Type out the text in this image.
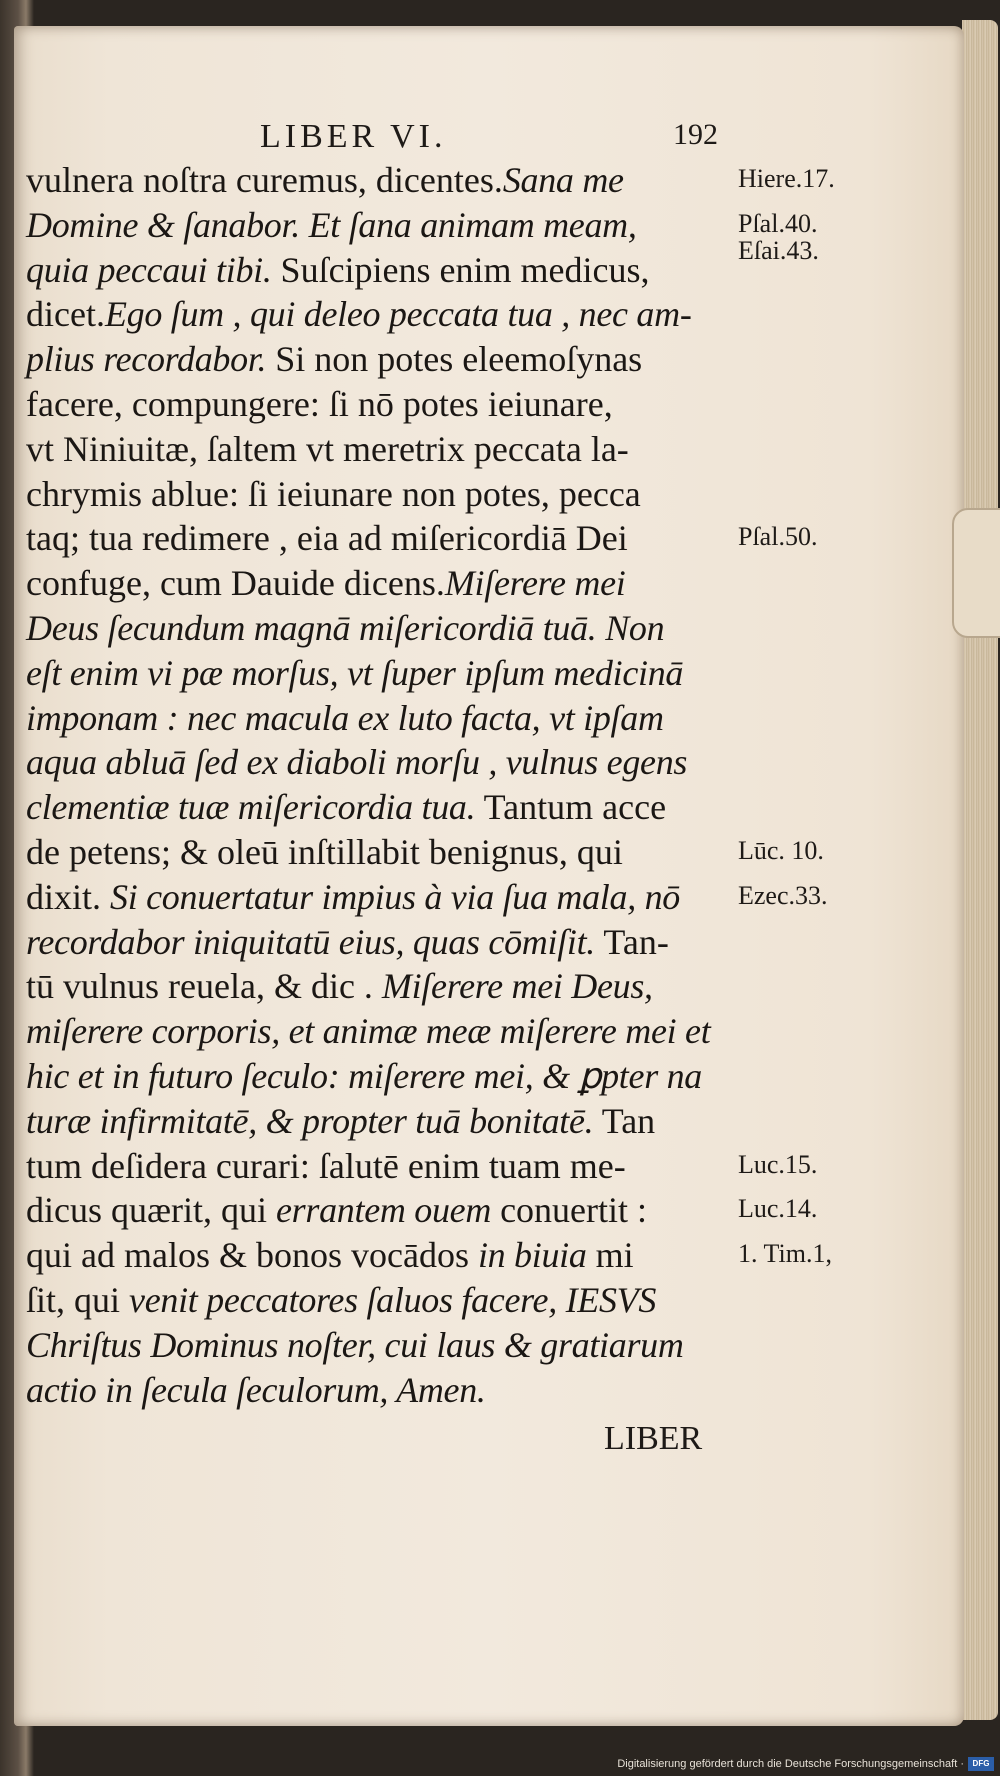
LIBER VI.	192
vulnera noſtra curemus, dicentes.Sana me
Domine & ſanabor. Et ſana animam meam,
quia peccaui tibi. Suſcipiens enim medicus,
dicet.Ego ſum , qui deleo peccata tua , nec am-
plius recordabor. Si non potes eleemoſynas
facere, compungere: ſi nō potes ieiunare,
vt Niniuitæ, ſaltem vt meretrix peccata la-
chrymis ablue: ſi ieiunare non potes, pecca
taq; tua redimere , eia ad miſericordiā Dei
confuge, cum Dauide dicens.Miſerere mei
Deus ſecundum magnā miſericordiā tuā. Non
eſt enim vi pæ morſus, vt ſuper ipſum medicinā
imponam : nec macula ex luto facta, vt ipſam
aqua abluā ſed ex diaboli morſu , vulnus egens
clementiæ tuæ miſericordia tua. Tantum acce
de petens; & oleū inſtillabit benignus, qui
dixit. Si conuertatur impius à via ſua mala, nō
recordabor iniquitatū eius, quas cōmiſit. Tan-
tū vulnus reuela, & dic . Miſerere mei Deus,
miſerere corporis, et animæ meæ miſerere mei et
hic et in futuro ſeculo: miſerere mei, & ꝑpter na
turæ infirmitatē, & propter tuā bonitatē. Tan
tum deſidera curari: ſalutē enim tuam me-
dicus quærit, qui errantem ouem conuertit :
qui ad malos & bonos vocādos in biuia mi
ſit, qui venit peccatores ſaluos facere, IESVS
Chriſtus Dominus noſter, cui laus & gratiarum
actio in ſecula ſeculorum, Amen.
Hiere.17.
Pſal.40.
Eſai.43.
Pſal.50.
Lūc. 10.
Ezec.33.
Luc.15.
Luc.14.
1. Tim.1,
LIBER
Digitalisierung gefördert durch die Deutsche Forschungsgemeinschaft ·	DFG
